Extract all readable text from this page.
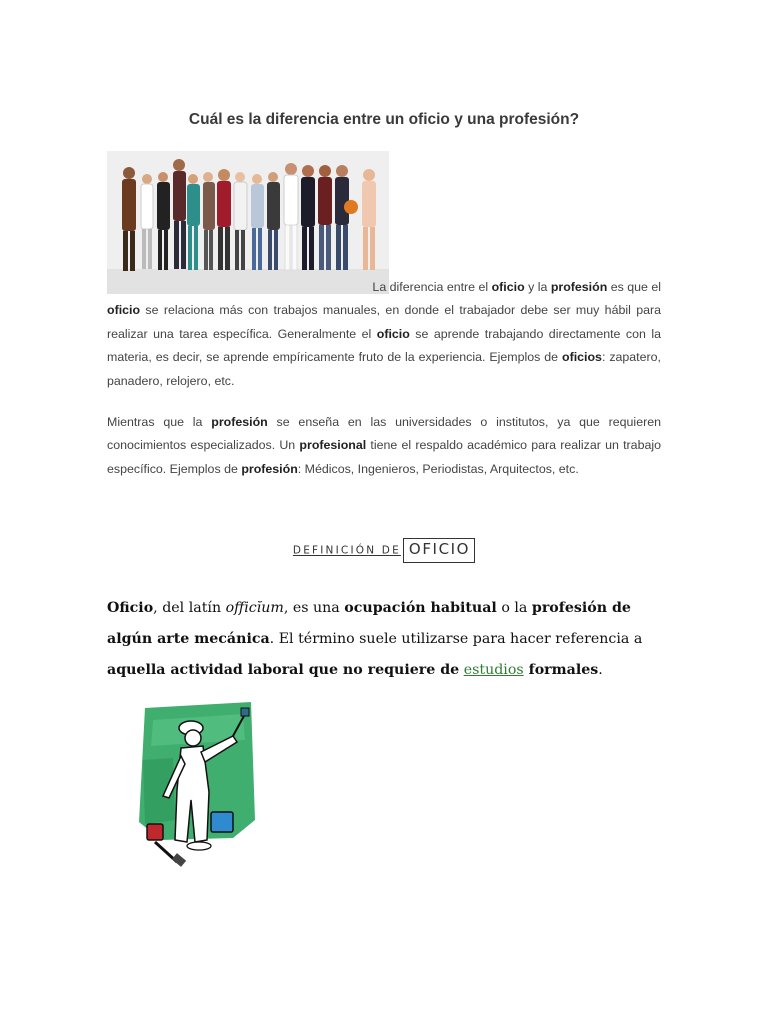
Cuál es la diferencia entre un oficio y una profesión?
La diferencia entre el oficio y la profesión es que el
oficio se relaciona más con trabajos manuales, en donde el trabajador debe ser muy hábil para realizar una tarea específica. Generalmente el oficio se aprende trabajando directamente con la materia, es decir, se aprende empíricamente fruto de la experiencia. Ejemplos de oficios: zapatero, panadero, relojero, etc.
Mientras que la profesión se enseña en las universidades o institutos, ya que requieren conocimientos especializados. Un profesional tiene el respaldo académico para realizar un trabajo específico. Ejemplos de profesión: Médicos, Ingenieros, Periodistas, Arquitectos, etc.
DEFINICIÓN DE OFICIO
Oficio, del latín officĭum, es una ocupación habitual o la profesión de algún arte mecánica. El término suele utilizarse para hacer referencia a aquella actividad laboral que no requiere de estudios formales.
